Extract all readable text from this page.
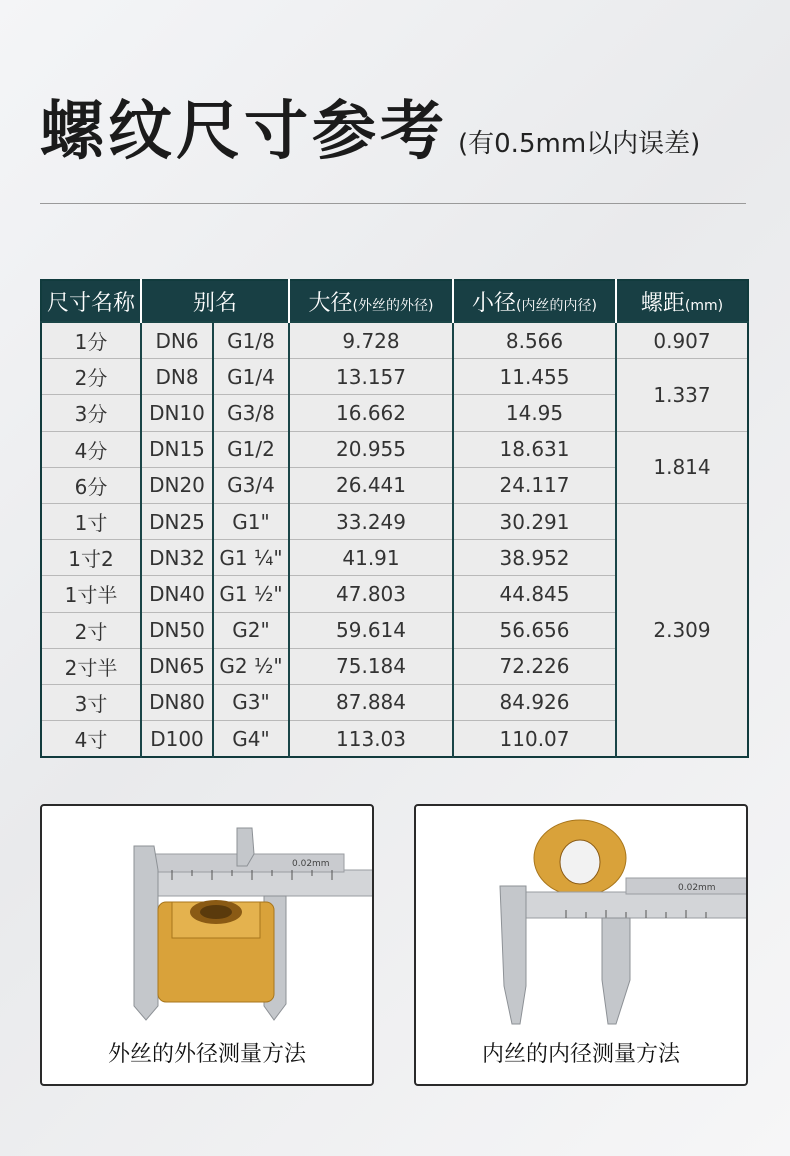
螺纹尺寸参考 (有0.5mm以内误差)
尺寸名称	别名		大径(外丝的外径)	小径(内丝的内径)	螺距(mm)
1分	DN6	G1/8	9.728	8.566	0.907
2分	DN8	G1/4	13.157	11.455	1.337
3分	DN10	G3/8	16.662	14.95	
4分	DN15	G1/2	20.955	18.631	1.814
6分	DN20	G3/4	26.441	24.117	
1寸	DN25	G1"	33.249	30.291	2.309
1寸2	DN32	G1 ¼"	41.91	38.952	
1寸半	DN40	G1 ½"	47.803	44.845	
2寸	DN50	G2"	59.614	56.656	
2寸半	DN65	G2 ½"	75.184	72.226	
3寸	DN80	G3"	87.884	84.926	
4寸	D100	G4"	113.03	110.07	
0.02mm
外丝的外径测量方法
0.02mm
内丝的内径测量方法
